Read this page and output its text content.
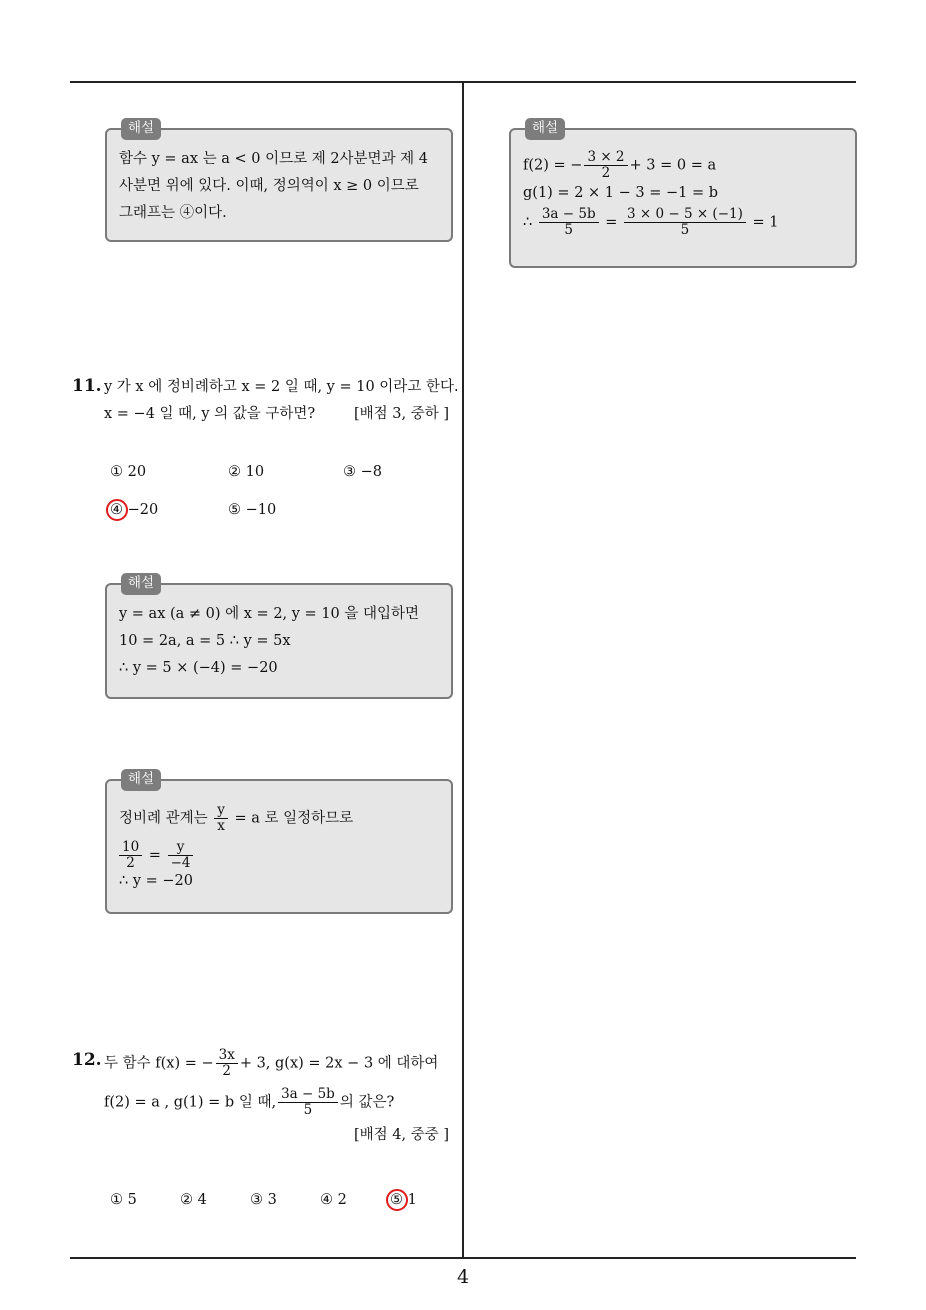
해설
함수 y = ax 는 a < 0 이므로 제 2사분면과 제 4
사분면 위에 있다. 이때, 정의역이 x ≥ 0 이므로
그래프는 ④이다.
11. y 가 x 에 정비례하고 x = 2 일 때, y = 10 이라고 한다.
x = −4 일 때, y 의 값을 구하면?	[배점 3, 중하 ]
① 20	② 10	③ −8
④ −20	⑤ −10
해설
y = ax (a ≠ 0) 에 x = 2, y = 10 을 대입하면
10 = 2a, a = 5 ∴ y = 5x
∴ y = 5 × (−4) = −20
해설
정비례 관계는 $\frac{y}{x} = a$ 로 일정하므로
$\frac{10}{2} = \frac{y}{-4}$
∴ y = −20
12. 두 함수 f(x) = − $\frac{3x}{2} + 3$, g(x) = 2x − 3 에 대하여
f(2) = a , g(1) = b 일 때, $\frac{3a - 5b}{5}$ 의 값은?
[배점 4, 중중 ]
① 5	② 4	③ 3	④ 2	⑤ 1
해설
f(2) = − $\frac{3 \times 2}{2} + 3 = 0 = a$
g(1) = 2 × 1 − 3 = −1 = b
∴ $\frac{3a - 5b}{5} = \frac{3 \times 0 - 5 \times (-1)}{5} = 1$
4
